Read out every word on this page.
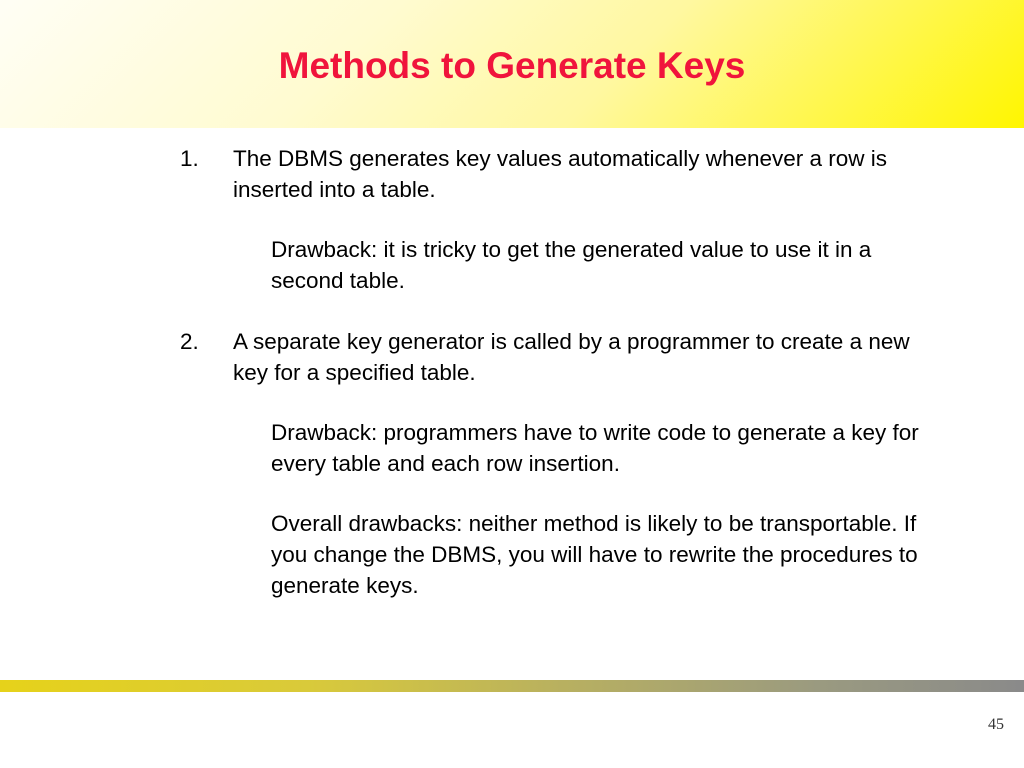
Methods to Generate Keys
1. The DBMS generates key values automatically whenever a row is inserted into a table.
Drawback: it is tricky to get the generated value to use it in a second table.
2. A separate key generator is called by a programmer to create a new key for a specified table.
Drawback: programmers have to write code to generate a key for every table and each row insertion.
Overall drawbacks: neither method is likely to be transportable. If you change the DBMS, you will have to rewrite the procedures to generate keys.
45
